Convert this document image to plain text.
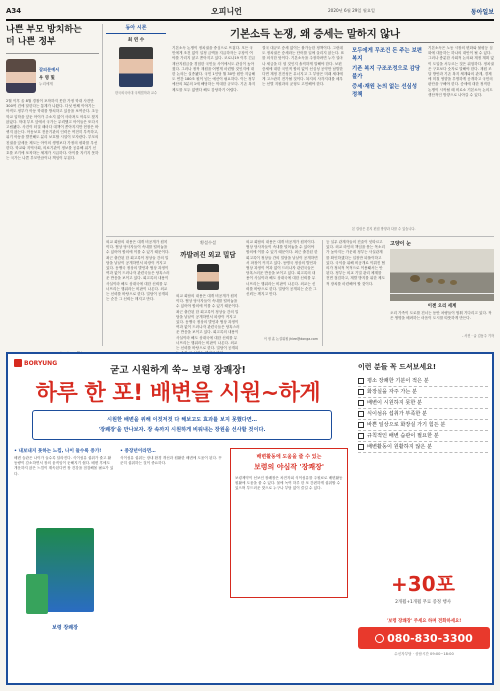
A34	오피니언	2020년 6월 29일 월요일	동아일보
나쁜 부모 방치하는
더 나쁜 정부
갈피문예서
우 영 및
누리에게
2월 이후 올 8월 경찰이 포착하지 못한 가정 학대 사건만 300여 건에 달한다는 통계가 나왔다. 다섯 번째 이야기는 아직도 정부가 아동 학대를 방치하고 있음을 보여준다. 초등학교 입학을 앞둔 아이가 주소지 없이 사라져도 아무도 찾지 않았다. 학대 부모 앞에서 국가는 무력했고 아이들은 또다시 고립됐다. 사건이 터질 때마다 대책이 쏟아지지만 현장은 바뀌지 않는다. 아동보호 전문기관의 인력은 여전히 부족하고, 위기 아동을 발견해도 분리 보호할 시설이 모자란다. 부모의 친권을 앞세운 제도는 아이의 생명보다 가정의 평화를 우선한다. 학교와 지역사회, 의료기관이 정보를 공유해 위기 신호를 조기에 포착하는 체계가 시급하다. 아이를 지키지 못하는 국가는 나쁜 부모만큼이나 책임이 무겁다.
동아 시론
최 연 수
한국외국어대 국제법학과 교수
기본소득 논쟁, 왜 증세는 말하지 않나
기본소득 논쟁이 정치권을 중심으로 뜨겁다. 모든 국민에게 조건 없이 일정 금액을 지급하자는 주장이 여야를 가리지 않고 쏟아지고 있다. 코로나19 이후 긴급재난지원금을 경험한 국민들 사이에서도 관심이 높아졌다. 그러나 정작 재원을 어떻게 마련할 것인지에 대한 논의는 실종됐다. 국민 1인당 월 30만 원만 지급해도 연간 180조 원이 넘는 예산이 필요하다. 이는 정부 예산의 3분의 1에 해당하는 막대한 규모다. 기존 복지 제도를 모두 없앤다 해도 감당하기 어렵다.
결국 대규모 증세 없이는 불가능한 정책이다. 그런데도 정치권은 증세라는 단어를 입에 올리지 않는다. 표를 의식한 탓이다. 기본소득을 주장하려면 누가 얼마나 세금을 더 낼 것인지 솔직하게 말해야 한다. 보편 증세에 대한 국민적 합의 없이 선심성 공약만 남발한다면 재정 건전성은 무너지고 그 부담은 미래 세대에게 고스란히 전가될 것이다. 복지의 사각지대를 메우는 선별 지원과의 균형도 고민해야 한다.
모두에게 무조건 돈 주는 보편복지
기존 복지 구조조정으로 감당 불가
증세·재원 논의 없는 선심성 정책
기본소득은 노동 시장의 변화와 불평등 심화에 대응하는 하나의 대안이 될 수 있다. 그러나 충분한 사회적 논의와 재정 계획 없이 도입을 서두르는 것은 위험하다. 정치권은 구호보다 숫자로 말해야 한다. 재원 조달 방안과 기존 복지 체계와의 관계, 경제에 미칠 영향을 투명하게 공개하고 국민의 판단을 구해야 한다. 증세에 대한 정직한 논쟁이 시작될 때 비로소 기본소득 논의도 생산적인 방향으로 나아갈 수 있다.
본 칼럼은 본지 편집 방향과 다를 수 있습니다.
외교 회담의 내용은 대개 비공개가 원칙이다. 협상 당사자들이 속내를 털어놓을 수 있어야 합의에 이를 수 있기 때문이다. 최근 출간된 한 회고록이 정상들 간의 밀담을 낱낱이 공개하면서 파장이 커지고 있다. 동맹국 정상의 발언과 협상 과정이 여과 없이 드러나자 관련국들은 당혹스러운 반응을 보이고 있다. 회고록의 내용이 사실이라 해도 상대국에 대한 신뢰를 무너뜨리는 행위라는 비판이 나온다. 외교는 신뢰를 바탕으로 한다. 밀담이 공개되는 순간 그 신뢰는 깨지고 만다.
횡설수설
까발려진 외교 밀담
외교 회담의 내용은 대개 비공개가 원칙이다. 협상 당사자들이 속내를 털어놓을 수 있어야 합의에 이를 수 있기 때문이다. 최근 출간된 한 회고록이 정상들 간의 밀담을 낱낱이 공개하면서 파장이 커지고 있다. 동맹국 정상의 발언과 협상 과정이 여과 없이 드러나자 관련국들은 당혹스러운 반응을 보이고 있다. 회고록의 내용이 사실이라 해도 상대국에 대한 신뢰를 무너뜨리는 행위라는 비판이 나온다. 외교는 신뢰를 바탕으로 한다. 밀담이 공개되
외교 회담의 내용은 대개 비공개가 원칙이다. 협상 당사자들이 속내를 털어놓을 수 있어야 합의에 이를 수 있기 때문이다. 최근 출간된 한 회고록이 정상들 간의 밀담을 낱낱이 공개하면서 파장이 커지고 있다. 동맹국 정상의 발언과 협상 과정이 여과 없이 드러나자 관련국들은 당혹스러운 반응을 보이고 있다. 회고록의 내용이 사실이라 해도 상대국에 대한 신뢰를 무너뜨리는 행위라는 비판이 나온다. 외교는 신뢰를 바탕으로 한다. 밀담이 공개되는 순간 그 신뢰는 깨지고 만다.
이 정 훈 논설위원 jhlee@donga.com
등 실무 관계자들의 진술이 잇따르고 있다. 외교 라인의 책임을 묻는 목소리가 높아지는 가운데 정부는 사실관계를 확인하겠다는 입장만 되풀이하고 있다. 국익을 위해 비공개로 이뤄진 협의가 정치적 목적으로 이용돼서는 안 된다. 정부는 외교 기밀 관리 체계를 전면 점검하고, 재발 방지를 위한 제도적 장치를 마련해야 할 것이다.
고양이 눈
이젠 오리 세계
오리 가족이 도로를 건너는 동안 차량들이 멈춰 기다리고 있다. 작은 생명을 배려하는 마음이 도시를 따뜻하게 만든다.
- 사진 · 글 김동주 기자
BORYUNG
굳고 시원하게 쑥~ 보령 장쾌장!
하루 한 포! 배변을 시원~하게
시원한 배변을 위해 이것저것 다 해보고도 효과를 보지 못했다면…
'장쾌장'을 만나보자. 장 속까지 시원하게 비워내는 장원을 선사할 것이다.
• 내보내지 못하는 느낌, 나이 들수록 증가!
배변 습관은 나이가 들수록 달라진다. 식이섬유 섭취가 줄고 활동량이 감소하면서 장의 움직임이 둔해지기 쉽다. 배변 후에도 개운하지 않은 느낌이 계속된다면 장 건강을 점검해볼 필요가 있다.
보령 장쾌장
• 중장년이라면…
식이섬유 섭취는 장내 환경 개선과 원활한 배변에 도움이 된다. 꾸준히 섭취하는 것이 중요하다.
배변활동에 도움을 줄 수 있는
보령의 야심작 '장쾌장'
보령제약이 선보인 장쾌장은 차전자피 식이섬유를 주원료로 배변활동 원활에 도움을 줄 수 있다. 물에 녹여 하루 한 포 간편하게 섭취할 수 있으며 부드러운 맛으로 누구나 부담 없이 즐길 수 있다.
이런 분들 꼭 드셔보세요!
평소 장쾌한 기분이 적은 분
화장실을 자주 가는 분
배변이 시원하지 못한 분
식이섬유 섭취가 부족한 분
바쁜 일상으로 화장실 가기 힘든 분
규칙적인 배변 습관이 필요한 분
배변활동이 원활하지 않은 분
+30포
2개월+1개월 무료 증정 행사
'보령 장쾌장' 주세요 하며 전화하세요!
080-830-3300
수신자부담 · 상담시간 09:00~18:00
